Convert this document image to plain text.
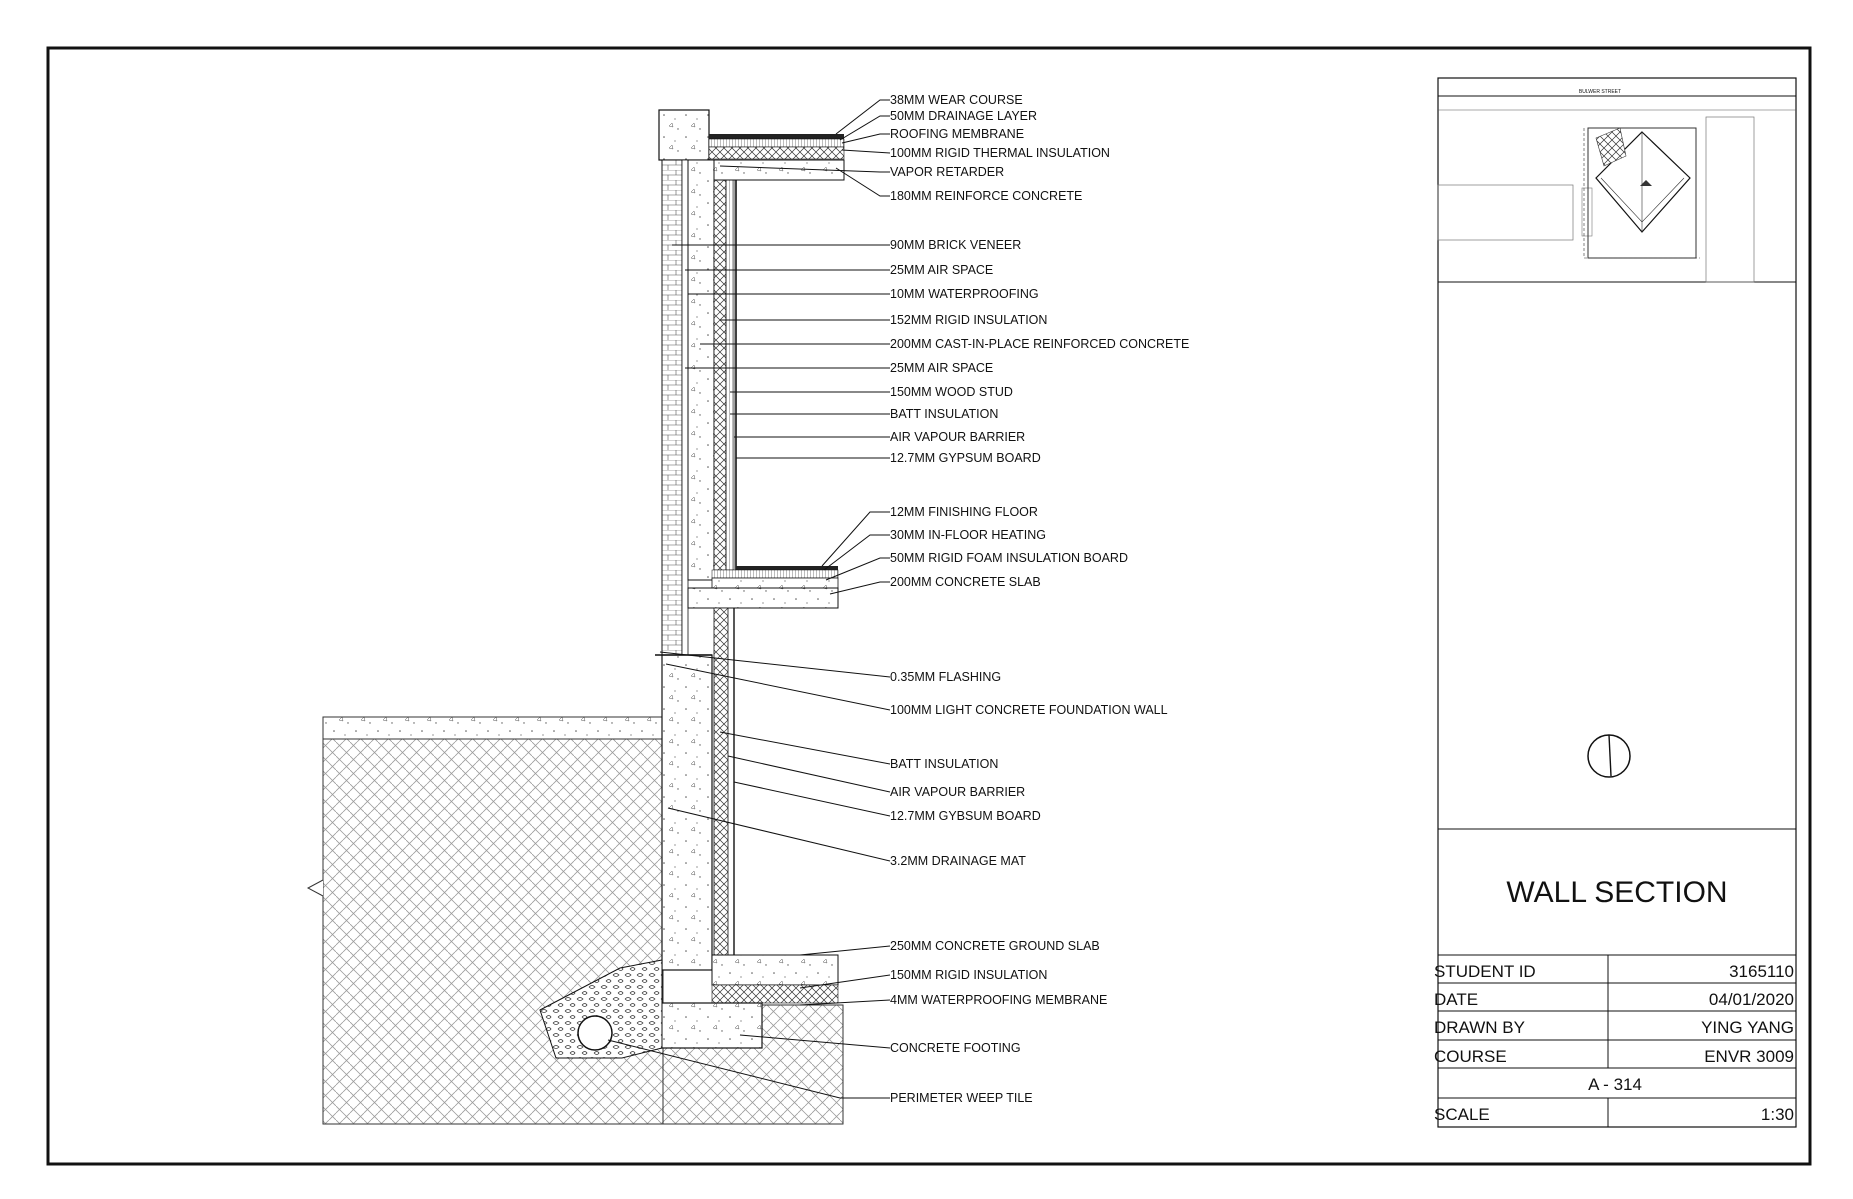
38MM WEAR COURSE
50MM DRAINAGE LAYER
ROOFING MEMBRANE
100MM RIGID THERMAL INSULATION
VAPOR RETARDER
180MM REINFORCE CONCRETE
90MM BRICK VENEER
25MM AIR SPACE
10MM WATERPROOFING
152MM RIGID INSULATION
200MM CAST-IN-PLACE REINFORCED CONCRETE
25MM AIR SPACE
150MM WOOD STUD
BATT INSULATION
AIR VAPOUR BARRIER
12.7MM GYPSUM BOARD
12MM FINISHING FLOOR
30MM IN-FLOOR HEATING
50MM RIGID FOAM INSULATION BOARD
200MM CONCRETE SLAB
0.35MM FLASHING
100MM LIGHT CONCRETE FOUNDATION WALL
BATT INSULATION
AIR VAPOUR BARRIER
12.7MM GYBSUM BOARD
3.2MM DRAINAGE MAT
250MM CONCRETE GROUND SLAB
150MM RIGID INSULATION
4MM WATERPROOFING MEMBRANE
CONCRETE FOOTING
PERIMETER WEEP TILE
BULWER STREET
WALL SECTION
STUDENT ID	3165110
DATE	04/01/2020
DRAWN BY	YING YANG
COURSE	ENVR 3009
A - 314
SCALE	1:30
